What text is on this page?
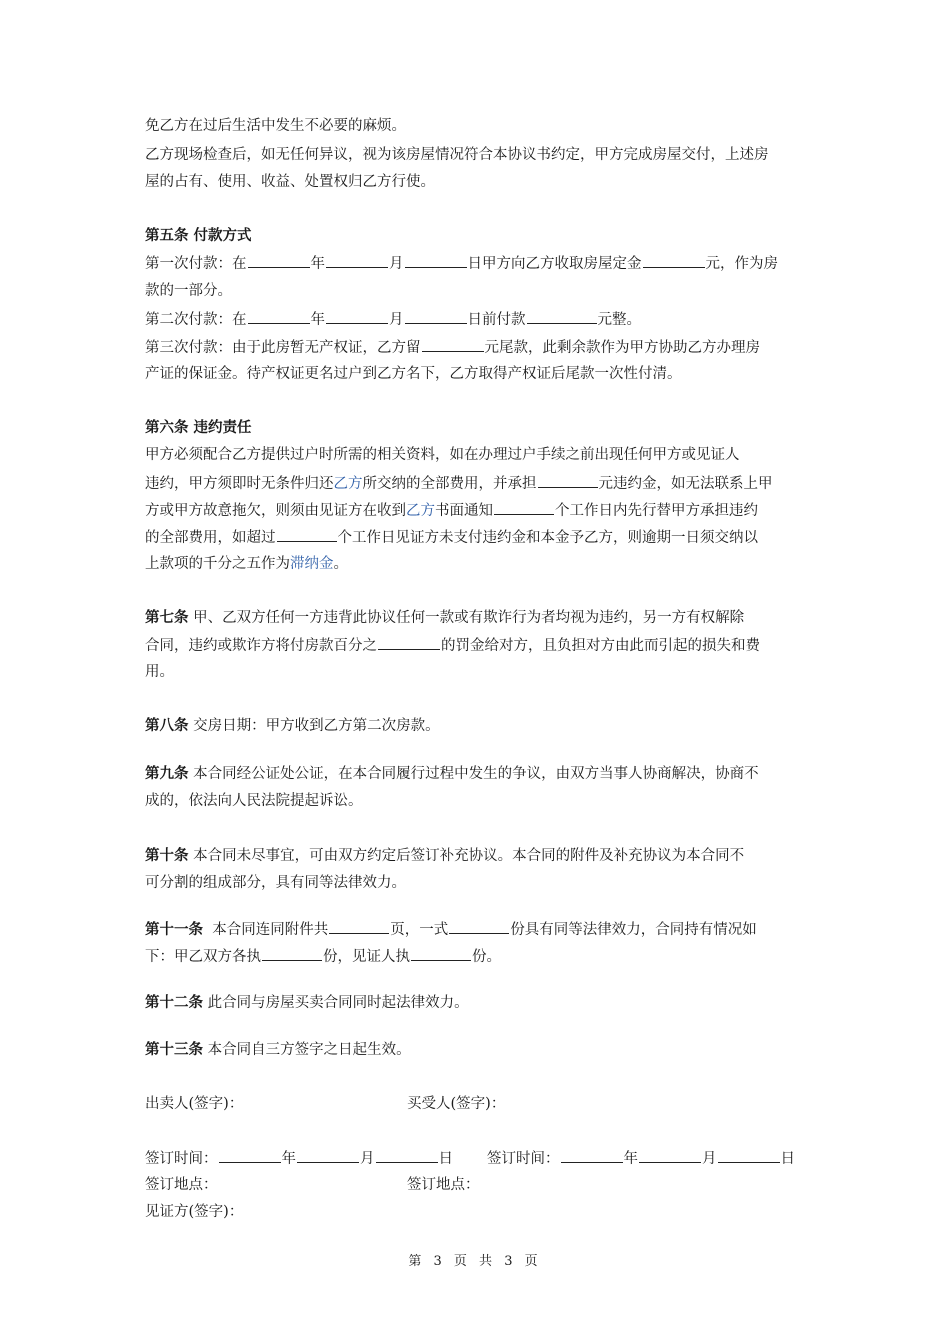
免乙方在过后生活中发生不必要的麻烦。
乙方现场检查后，如无任何异议，视为该房屋情况符合本协议书约定，甲方完成房屋交付，上述房
屋的占有、使用、收益、处置权归乙方行使。
第五条 付款方式
第一次付款：在	年	月	日甲方向乙方收取房屋定金	元，作为房
款的一部分。
第二次付款：在	年	月	日前付款	元整。
第三次付款：由于此房暂无产权证，乙方留	元尾款，此剩余款作为甲方协助乙方办理房
产证的保证金。待产权证更名过户到乙方名下，乙方取得产权证后尾款一次性付清。
第六条 违约责任
甲方必须配合乙方提供过户时所需的相关资料，如在办理过户手续之前出现任何甲方或见证人
违约，甲方须即时无条件归还乙方所交纳的全部费用，并承担	元违约金，如无法联系上甲
方或甲方故意拖欠，则须由见证方在收到乙方书面通知	个工作日内先行替甲方承担违约
的全部费用，如超过	个工作日见证方未支付违约金和本金予乙方，则逾期一日须交纳以
上款项的千分之五作为滞纳金。
第七条 甲、乙双方任何一方违背此协议任何一款或有欺诈行为者均视为违约，另一方有权解除
合同，违约或欺诈方将付房款百分之	的罚金给对方，且负担对方由此而引起的损失和费
用。
第八条 交房日期：甲方收到乙方第二次房款。
第九条 本合同经公证处公证，在本合同履行过程中发生的争议，由双方当事人协商解决，协商不
成的，依法向人民法院提起诉讼。
第十条 本合同未尽事宜，可由双方约定后签订补充协议。本合同的附件及补充协议为本合同不
可分割的组成部分，具有同等法律效力。
第十一条  本合同连同附件共	页，一式	份具有同等法律效力，合同持有情况如
下：甲乙双方各执	份，见证人执	份。
第十二条 此合同与房屋买卖合同同时起法律效力。
第十三条 本合同自三方签字之日起生效。
出卖人(签字)：	买受人(签字)：
签订时间：	年	月	日 签订时间：	年	月	日
签订地点：	签订地点：
见证方(签字)：
第 3 页 共 3 页
